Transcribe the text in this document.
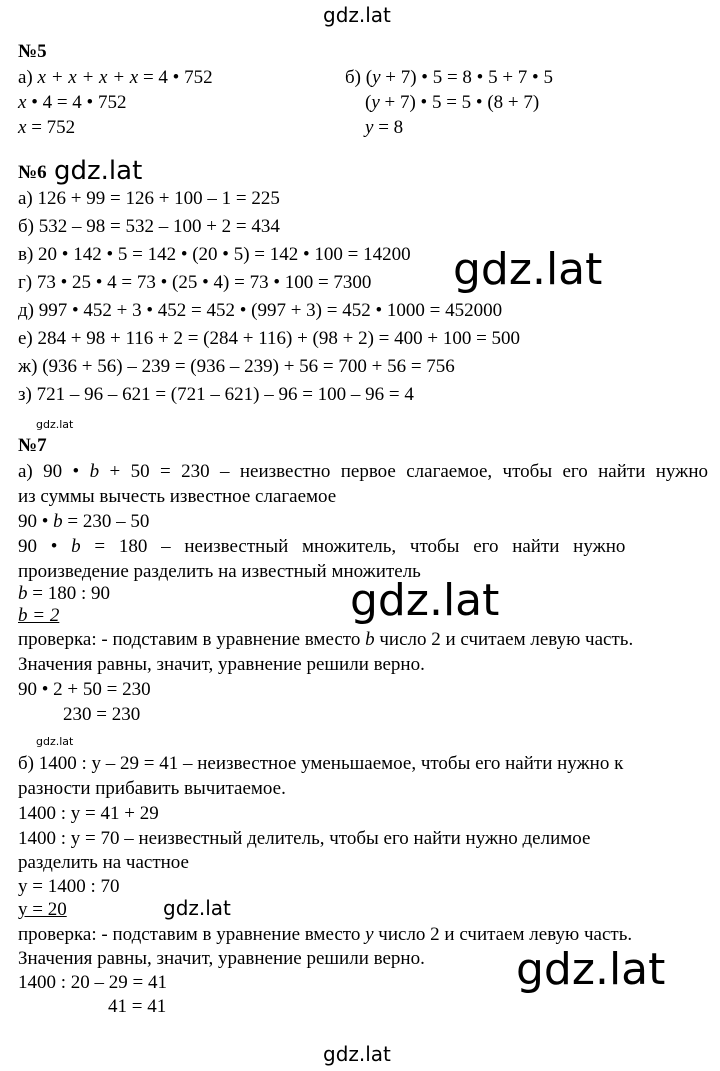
gdz.lat
gdz.lat
gdz.lat
gdz.lat
gdz.lat
gdz.lat
gdz.lat
gdz.lat
№5
а) x + x + x + x = 4 • 752
x • 4 = 4 • 752
x = 752
б) (y + 7) • 5 = 8 • 5 + 7 • 5
(y + 7) • 5 = 5 • (8 + 7)
y = 8
№6 gdz.lat
а) 126 + 99 = 126 + 100 – 1 = 225
б) 532 – 98 = 532 – 100 + 2 = 434
в) 20 • 142 • 5 = 142 • (20 • 5) = 142 • 100 = 14200
г) 73 • 25 • 4 = 73 • (25 • 4) = 73 • 100 = 7300
д) 997 • 452 + 3 • 452 = 452 • (997 + 3) = 452 • 1000 = 452000
е) 284 + 98 + 116 + 2 = (284 + 116) + (98 + 2) = 400 + 100 = 500
ж) (936 + 56) – 239 = (936 – 239) + 56 = 700 + 56 = 756
з) 721 – 96 – 621 = (721 – 621) – 96 = 100 – 96 = 4
№7
а) 90 • b + 50 = 230 – неизвестно первое слагаемое, чтобы его найти нужно
из суммы вычесть известное слагаемое
90 • b = 230 – 50
90 • b = 180 – неизвестный множитель, чтобы его найти нужно
произведение разделить на известный множитель
b = 180 : 90
b = 2
проверка: - подставим в уравнение вместо b число 2 и считаем левую часть.
Значения равны, значит, уравнение решили верно.
90 • 2 + 50 = 230
230 = 230
б) 1400 : у – 29 = 41 – неизвестное уменьшаемое, чтобы его найти нужно к
разности прибавить вычитаемое.
1400 : у = 41 + 29
1400 : у = 70 – неизвестный делитель, чтобы его найти нужно делимое
разделить на частное
у = 1400 : 70
у = 20
проверка: - подставим в уравнение вместо y число 2 и считаем левую часть.
Значения равны, значит, уравнение решили верно.
1400 : 20 – 29 = 41
41 = 41
